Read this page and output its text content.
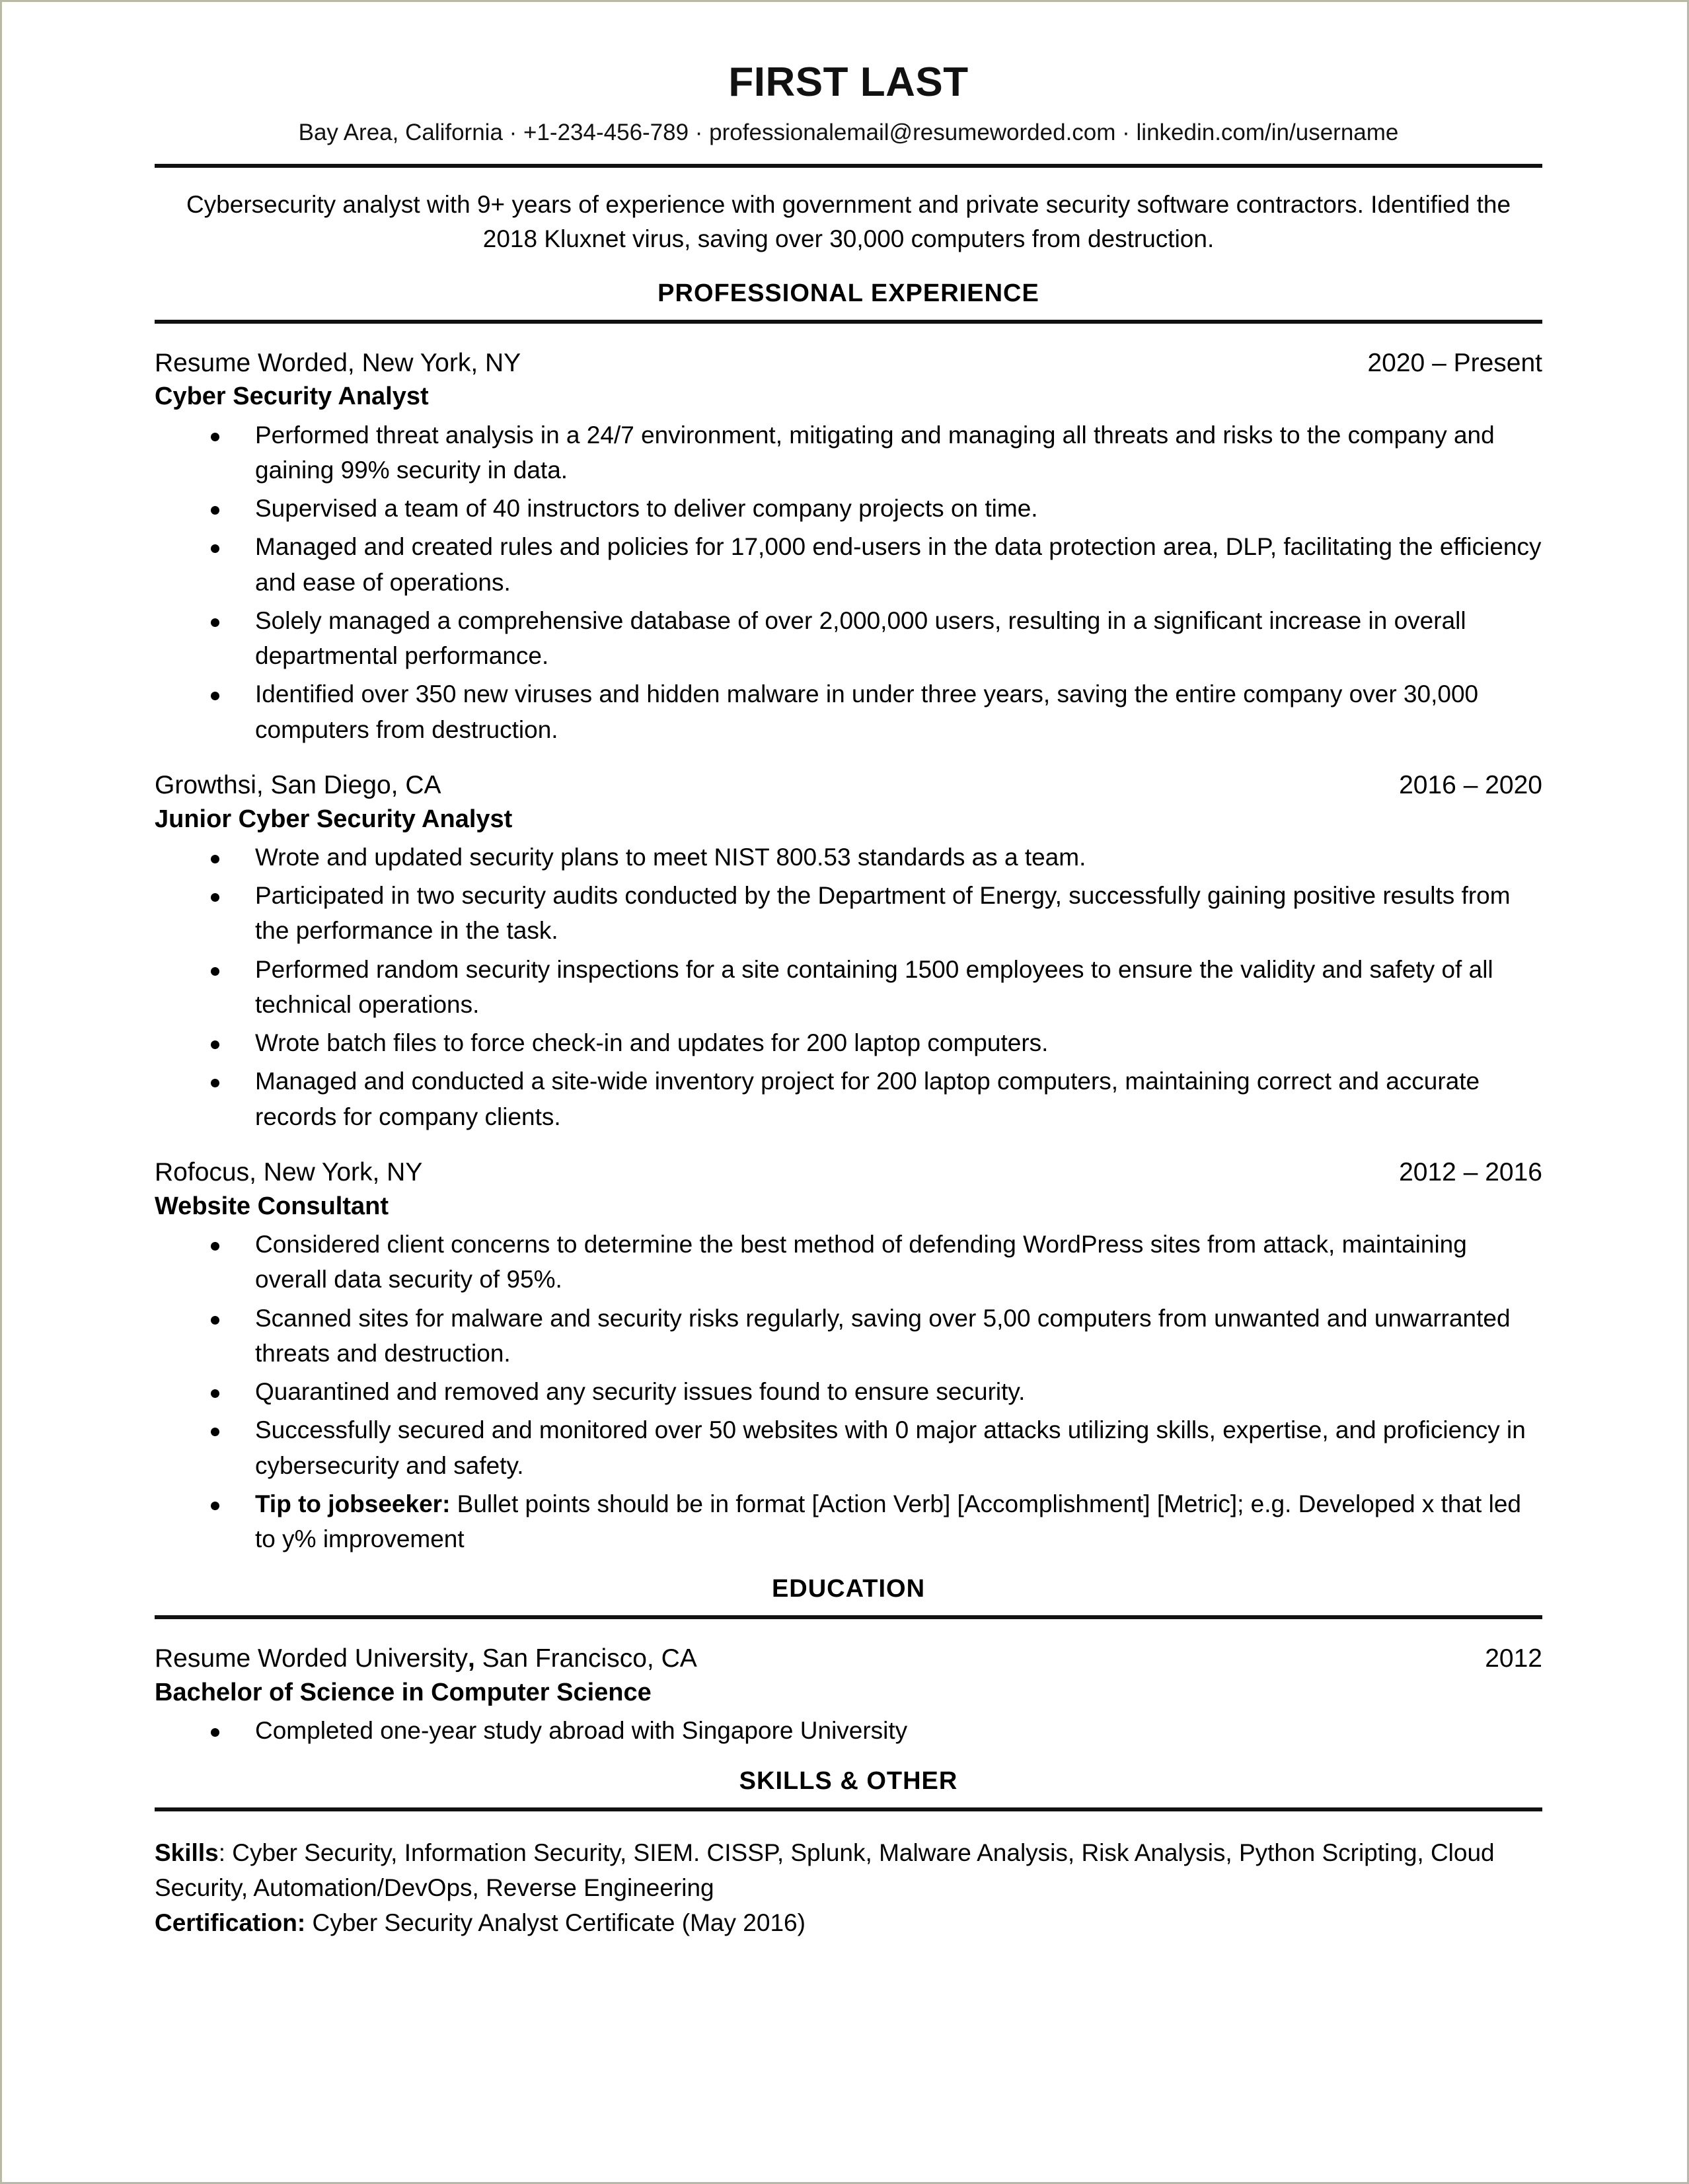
FIRST LAST
Bay Area, California · +1-234-456-789 · professionalemail@resumeworded.com · linkedin.com/in/username
Cybersecurity analyst with 9+ years of experience with government and private security software contractors. Identified the 2018 Kluxnet virus, saving over 30,000 computers from destruction.
PROFESSIONAL EXPERIENCE
Resume Worded, New York, NY	2020 – Present
Cyber Security Analyst
Performed threat analysis in a 24/7 environment, mitigating and managing all threats and risks to the company and gaining 99% security in data.
Supervised a team of 40 instructors to deliver company projects on time.
Managed and created rules and policies for 17,000 end-users in the data protection area, DLP, facilitating the efficiency and ease of operations.
Solely managed a comprehensive database of over 2,000,000 users, resulting in a significant increase in overall departmental performance.
Identified over 350 new viruses and hidden malware in under three years, saving the entire company over 30,000 computers from destruction.
Growthsi, San Diego, CA	2016 – 2020
Junior Cyber Security Analyst
Wrote and updated security plans to meet NIST 800.53 standards as a team.
Participated in two security audits conducted by the Department of Energy, successfully gaining positive results from the performance in the task.
Performed random security inspections for a site containing 1500 employees to ensure the validity and safety of all technical operations.
Wrote batch files to force check-in and updates for 200 laptop computers.
Managed and conducted a site-wide inventory project for 200 laptop computers, maintaining correct and accurate records for company clients.
Rofocus, New York, NY	2012 – 2016
Website Consultant
Considered client concerns to determine the best method of defending WordPress sites from attack, maintaining overall data security of 95%.
Scanned sites for malware and security risks regularly, saving over 5,00 computers from unwanted and unwarranted threats and destruction.
Quarantined and removed any security issues found to ensure security.
Successfully secured and monitored over 50 websites with 0 major attacks utilizing skills, expertise, and proficiency in cybersecurity and safety.
Tip to jobseeker: Bullet points should be in format [Action Verb] [Accomplishment] [Metric]; e.g. Developed x that led to y% improvement
EDUCATION
Resume Worded University, San Francisco, CA	2012
Bachelor of Science in Computer Science
Completed one-year study abroad with Singapore University
SKILLS & OTHER
Skills: Cyber Security, Information Security, SIEM. CISSP, Splunk, Malware Analysis, Risk Analysis, Python Scripting, Cloud Security, Automation/DevOps, Reverse Engineering
Certification: Cyber Security Analyst Certificate (May 2016)
